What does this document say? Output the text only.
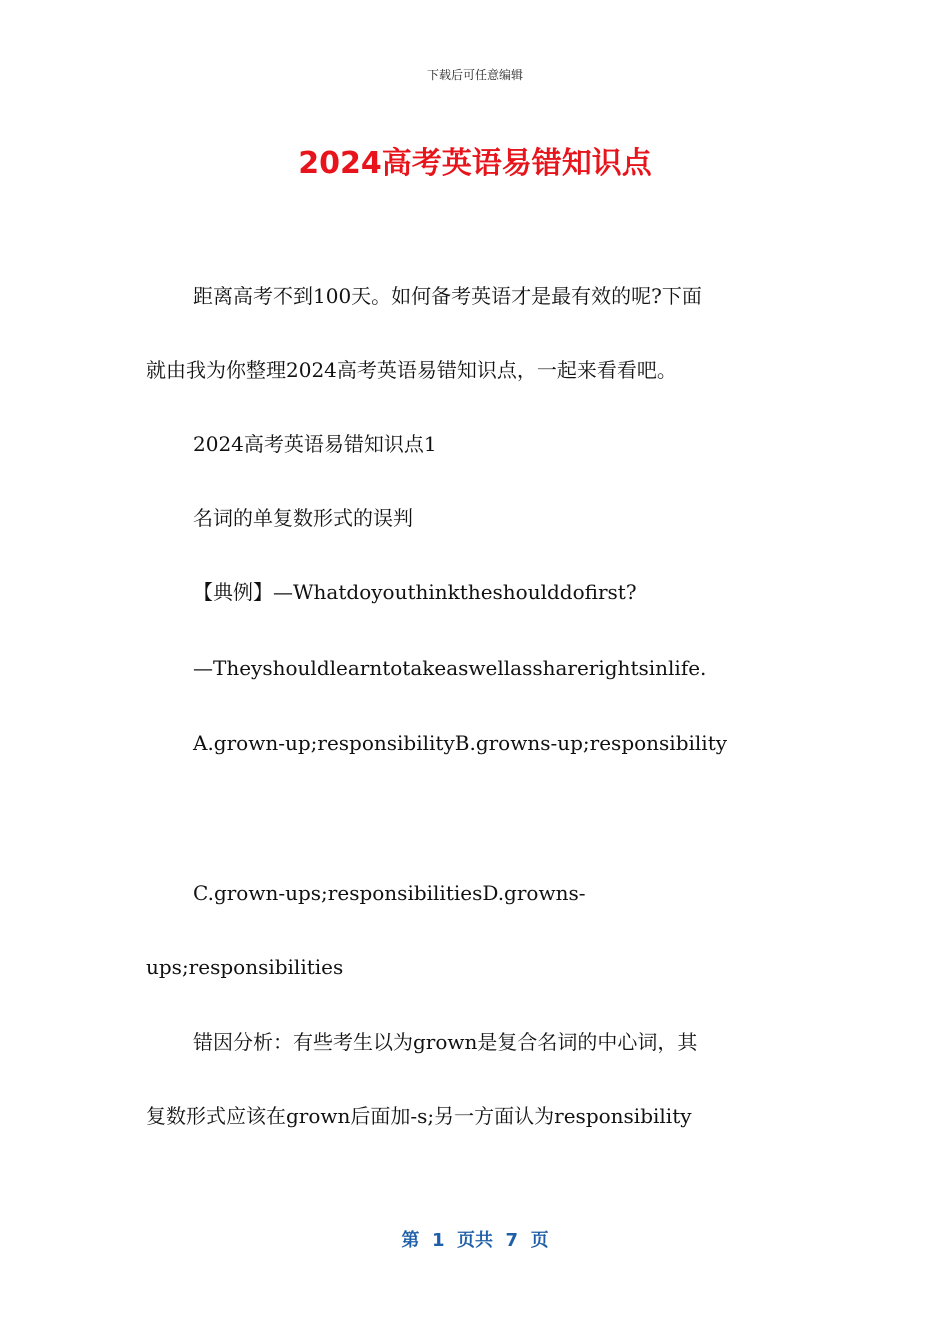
下载后可任意编辑
2024高考英语易错知识点
距离高考不到100天。如何备考英语才是最有效的呢?下面
就由我为你整理2024高考英语易错知识点，一起来看看吧。
2024高考英语易错知识点1
名词的单复数形式的误判
【典例】—Whatdoyouthinktheshoulddofirst?
—Theyshouldlearntotakeaswellassharerightsinlife.
A.grown-up;responsibilityB.growns-up;responsibility
C.grown-ups;responsibilitiesD.growns-
ups;responsibilities
错因分析：有些考生以为grown是复合名词的中心词，其
复数形式应该在grown后面加-s;另一方面认为responsibility
第  1  页共  7  页
